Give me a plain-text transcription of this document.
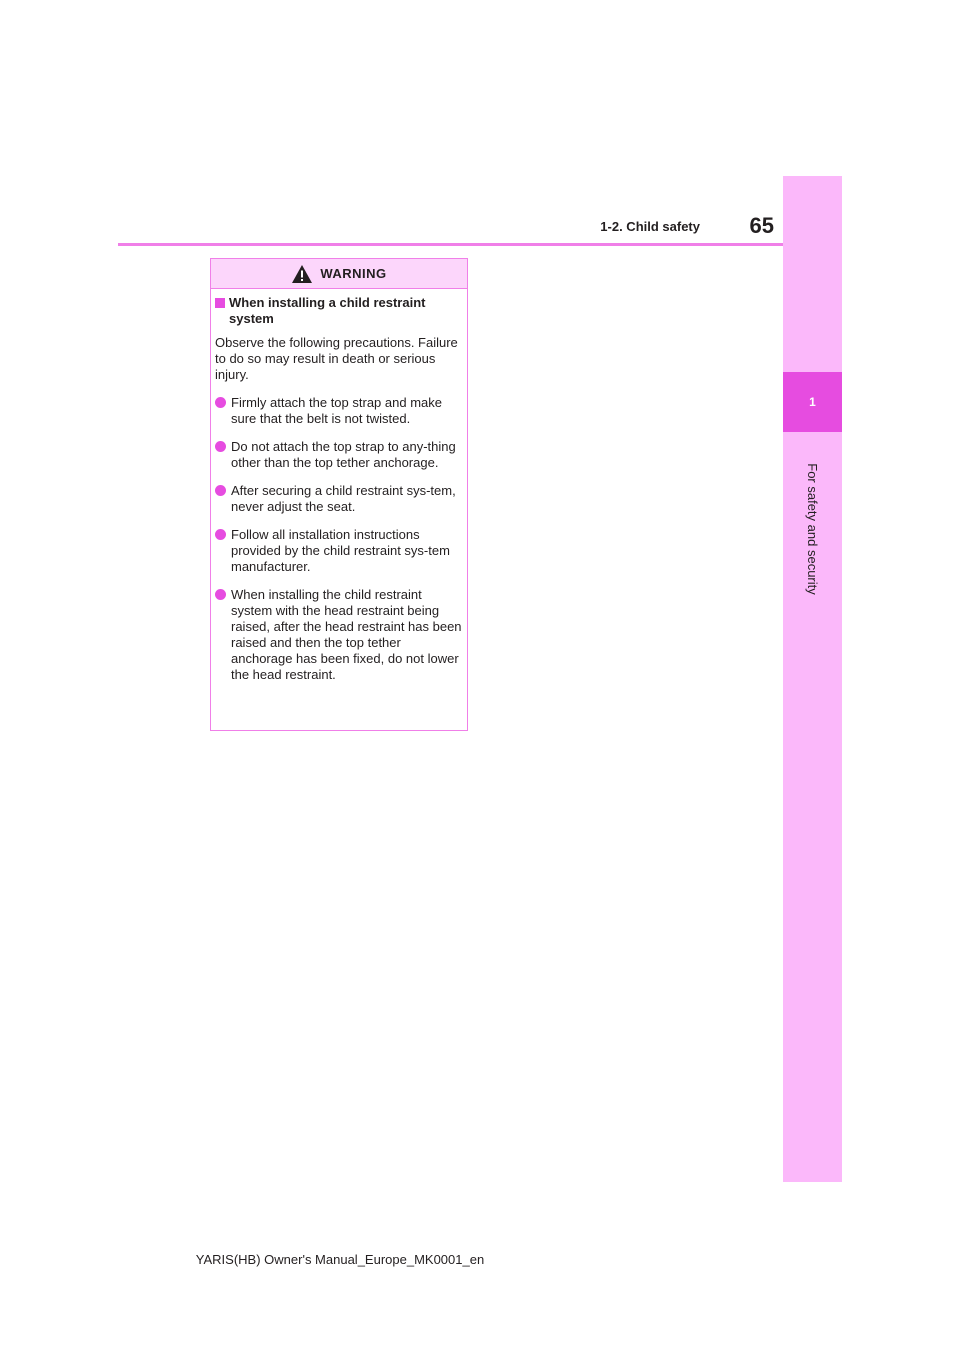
1-2. Child safety	65
1
For safety and security
WARNING
When installing a child restraint system
Observe the following precautions. Failure to do so may result in death or serious injury.
Firmly attach the top strap and make sure that the belt is not twisted.
Do not attach the top strap to any-thing other than the top tether anchorage.
After securing a child restraint sys-tem, never adjust the seat.
Follow all installation instructions provided by the child restraint sys-tem manufacturer.
When installing the child restraint system with the head restraint being raised, after the head restraint has been raised and then the top tether anchorage has been fixed, do not lower the head restraint.
YARIS(HB) Owner's Manual_Europe_MK0001_en
